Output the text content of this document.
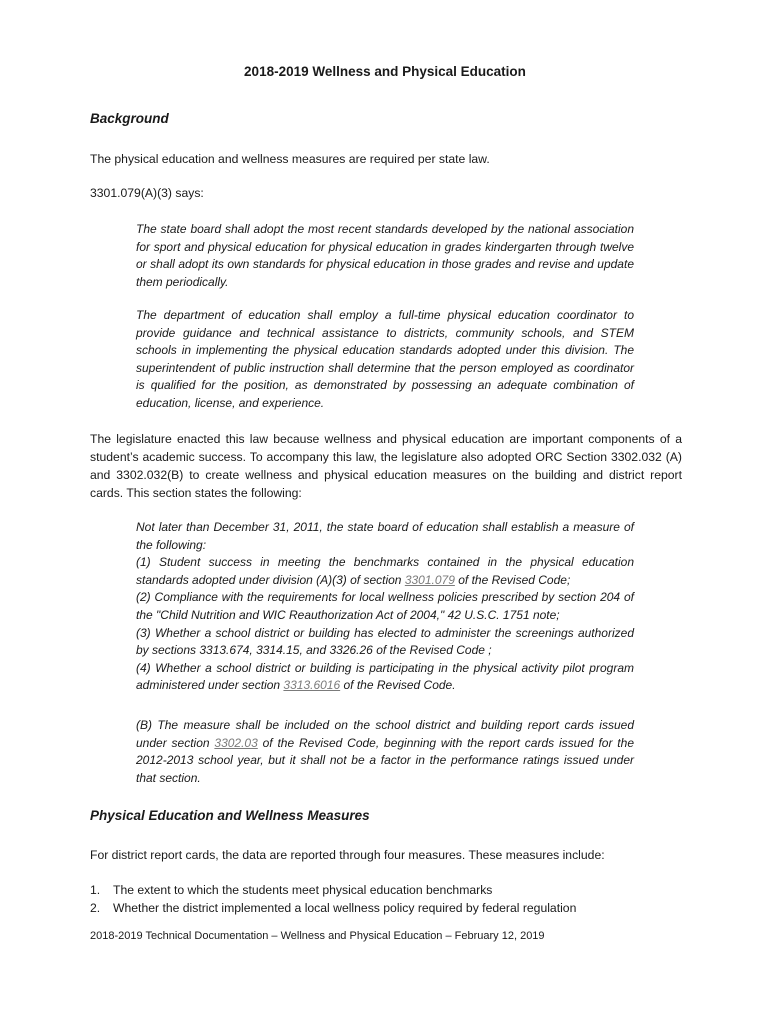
2018-2019 Wellness and Physical Education
Background
The physical education and wellness measures are required per state law.
3301.079(A)(3) says:
The state board shall adopt the most recent standards developed by the national association for sport and physical education for physical education in grades kindergarten through twelve or shall adopt its own standards for physical education in those grades and revise and update them periodically.
The department of education shall employ a full-time physical education coordinator to provide guidance and technical assistance to districts, community schools, and STEM schools in implementing the physical education standards adopted under this division. The superintendent of public instruction shall determine that the person employed as coordinator is qualified for the position, as demonstrated by possessing an adequate combination of education, license, and experience.
The legislature enacted this law because wellness and physical education are important components of a student’s academic success. To accompany this law, the legislature also adopted ORC Section 3302.032 (A) and 3302.032(B) to create wellness and physical education measures on the building and district report cards. This section states the following:
Not later than December 31, 2011, the state board of education shall establish a measure of the following:
(1) Student success in meeting the benchmarks contained in the physical education standards adopted under division (A)(3) of section 3301.079 of the Revised Code;
(2) Compliance with the requirements for local wellness policies prescribed by section 204 of the "Child Nutrition and WIC Reauthorization Act of 2004," 42 U.S.C. 1751 note;
(3) Whether a school district or building has elected to administer the screenings authorized by sections 3313.674, 3314.15, and 3326.26 of the Revised Code ;
(4) Whether a school district or building is participating in the physical activity pilot program administered under section 3313.6016 of the Revised Code.
(B) The measure shall be included on the school district and building report cards issued under section 3302.03 of the Revised Code, beginning with the report cards issued for the 2012-2013 school year, but it shall not be a factor in the performance ratings issued under that section.
Physical Education and Wellness Measures
For district report cards, the data are reported through four measures. These measures include:
1.	The extent to which the students meet physical education benchmarks
2.	Whether the district implemented a local wellness policy required by federal regulation
2018-2019 Technical Documentation – Wellness and Physical Education – February 12, 2019
